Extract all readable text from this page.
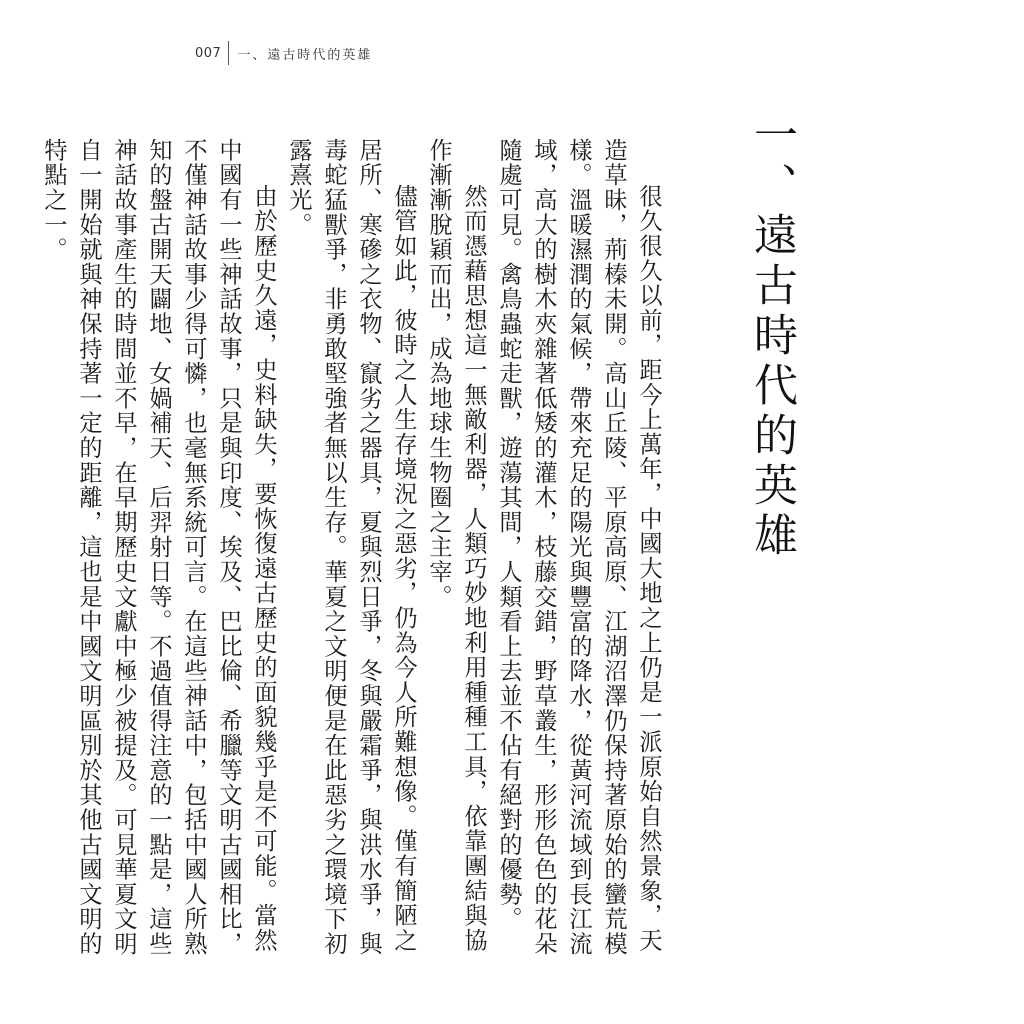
007 一、遠古時代的英雄
一、遠古時代的英雄

很久很久以前，距今上萬年，中國大地之上仍是一派原始自然景象，天造草昧，荊榛未開。高山丘陵、平原高原、江湖沼澤仍保持著原始的蠻荒模樣。溫暖濕潤的氣候，帶來充足的陽光與豐富的降水，從黃河流域到長江流域，高大的樹木夾雜著低矮的灌木，枝藤交錯，野草叢生，形形色色的花朵隨處可見。禽鳥蟲蛇走獸，遊蕩其間，人類看上去並不佔有絕對的優勢。

然而憑藉思想這一無敵利器，人類巧妙地利用種種工具，依靠團結與協作漸漸脫穎而出，成為地球生物圈之主宰。

儘管如此，彼時之人生存境況之惡劣，仍為今人所難想像。僅有簡陋之居所、寒磣之衣物、竄劣之器具，夏與烈日爭，冬與嚴霜爭，與洪水爭，與毒蛇猛獸爭，非勇敢堅強者無以生存。華夏之文明便是在此惡劣之環境下初露熹光。

由於歷史久遠，史料缺失，要恢復遠古歷史的面貌幾乎是不可能。當然中國有一些神話故事，只是與印度、埃及、巴比倫、希臘等文明古國相比，不僅神話故事少得可憐，也毫無系統可言。在這些神話中，包括中國人所熟知的盤古開天闢地、女媧補天、后羿射日等。不過值得注意的一點是，這些神話故事產生的時間並不早，在早期歷史文獻中極少被提及。可見華夏文明自一開始就與神保持著一定的距離，這也是中國文明區別於其他古國文明的特點之一。
